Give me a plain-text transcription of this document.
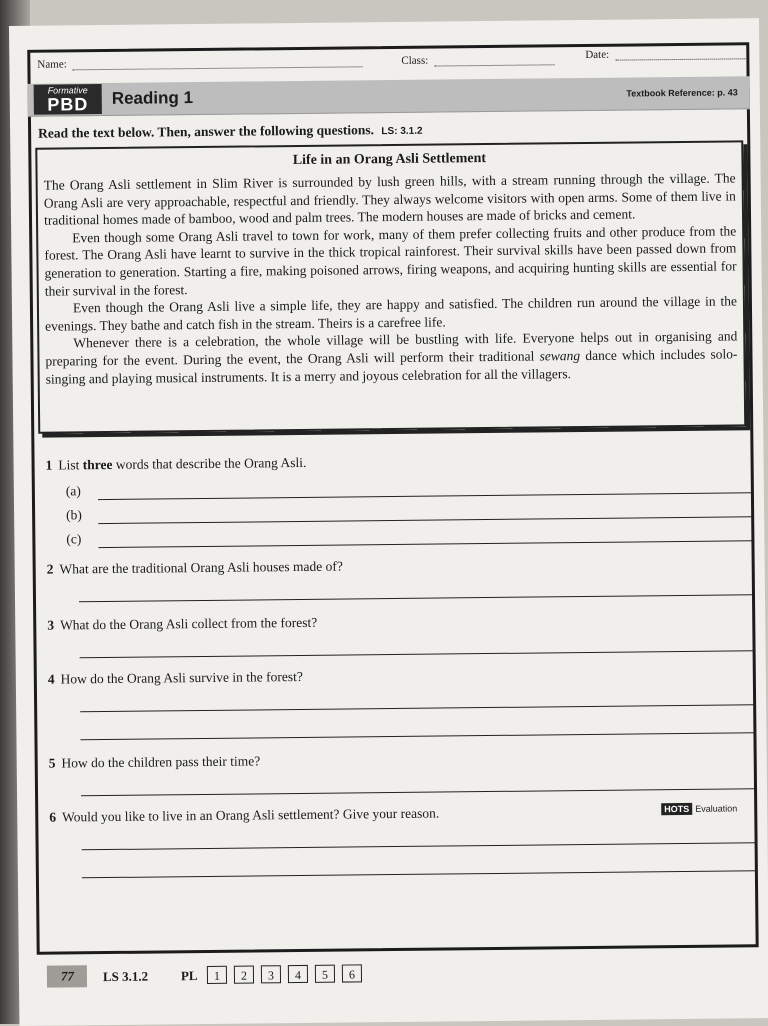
Name:	Class:	Date:
Formative
PBD	Reading 1	Textbook Reference: p. 43
Read the text below. Then, answer the following questions. LS: 3.1.2
Life in an Orang Asli Settlement

The Orang Asli settlement in Slim River is surrounded by lush green hills, with a stream running through the village. The Orang Asli are very approachable, respectful and friendly. They always welcome visitors with open arms. Some of them live in traditional homes made of bamboo, wood and palm trees. The modern houses are made of bricks and cement.

Even though some Orang Asli travel to town for work, many of them prefer collecting fruits and other produce from the forest. The Orang Asli have learnt to survive in the thick tropical rainforest. Their survival skills have been passed down from generation to generation. Starting a fire, making poisoned arrows, firing weapons, and acquiring hunting skills are essential for their survival in the forest.

Even though the Orang Asli live a simple life, they are happy and satisfied. The children run around the village in the evenings. They bathe and catch fish in the stream. Theirs is a carefree life.

Whenever there is a celebration, the whole village will be bustling with life. Everyone helps out in organising and preparing for the event. During the event, the Orang Asli will perform their traditional sewang dance which includes solo-singing and playing musical instruments. It is a merry and joyous celebration for all the villagers.

1 List three words that describe the Orang Asli.
(a)
(b)
(c)
2 What are the traditional Orang Asli houses made of?
3 What do the Orang Asli collect from the forest?
4 How do the Orang Asli survive in the forest?
5 How do the children pass their time?
6 Would you like to live in an Orang Asli settlement? Give your reason.	HOTS Evaluation
77	LS 3.1.2	PL	1	2	3	4	5	6
